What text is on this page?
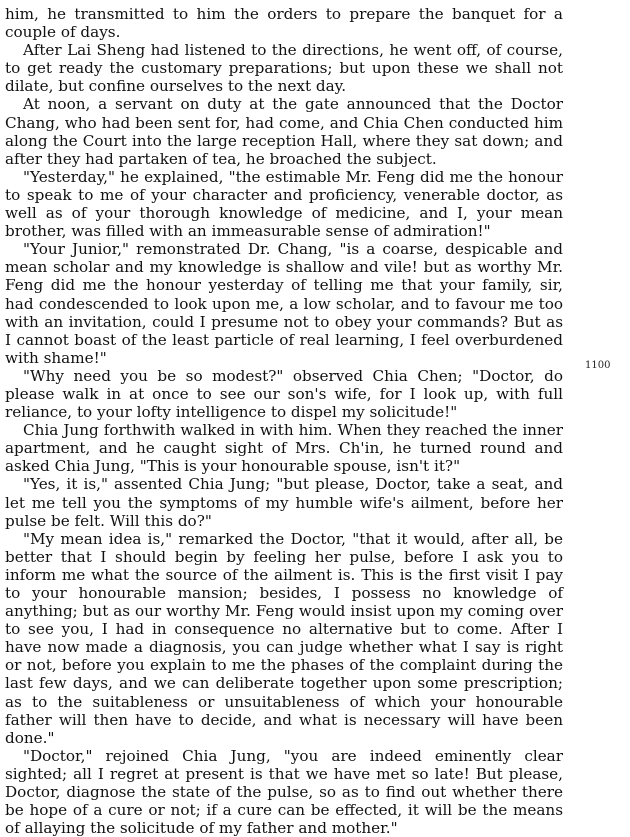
him, he transmitted to him the orders to prepare the banquet for a couple of days.

After Lai Sheng had listened to the directions, he went off, of course, to get ready the customary preparations; but upon these we shall not dilate, but confine ourselves to the next day.

At noon, a servant on duty at the gate announced that the Doctor Chang, who had been sent for, had come, and Chia Chen conducted him along the Court into the large reception Hall, where they sat down; and after they had partaken of tea, he broached the subject.

"Yesterday," he explained, "the estimable Mr. Feng did me the honour to speak to me of your character and proficiency, venerable doctor, as well as of your thorough knowledge of medicine, and I, your mean brother, was filled with an immeasurable sense of admiration!"

"Your Junior," remonstrated Dr. Chang, "is a coarse, despicable and mean scholar and my knowledge is shallow and vile! but as worthy Mr. Feng did me the honour yesterday of telling me that your family, sir, had condescended to look upon me, a low scholar, and to favour me too with an invitation, could I presume not to obey your commands? But as I cannot boast of the least particle of real learning, I feel overburdened with shame!"

"Why need you be so modest?" observed Chia Chen; "Doctor, do please walk in at once to see our son's wife, for I look up, with full reliance, to your lofty intelligence to dispel my solicitude!"

Chia Jung forthwith walked in with him. When they reached the inner apartment, and he caught sight of Mrs. Ch'in, he turned round and asked Chia Jung, "This is your honourable spouse, isn't it?"

"Yes, it is," assented Chia Jung; "but please, Doctor, take a seat, and let me tell you the symptoms of my humble wife's ailment, before her pulse be felt. Will this do?"

"My mean idea is," remarked the Doctor, "that it would, after all, be better that I should begin by feeling her pulse, before I ask you to inform me what the source of the ailment is. This is the first visit I pay to your honourable mansion; besides, I possess no knowledge of anything; but as our worthy Mr. Feng would insist upon my coming over to see you, I had in consequence no alternative but to come. After I have now made a diagnosis, you can judge whether what I say is right or not, before you explain to me the phases of the complaint during the last few days, and we can deliberate together upon some prescription; as to the suitableness or unsuitableness of which your honourable father will then have to decide, and what is necessary will have been done."

"Doctor," rejoined Chia Jung, "you are indeed eminently clear sighted; all I regret at present is that we have met so late! But please, Doctor, diagnose the state of the pulse, so as to find out whether there be hope of a cure or not; if a cure can be effected, it will be the means of allaying the solicitude of my father and mother."

1100
